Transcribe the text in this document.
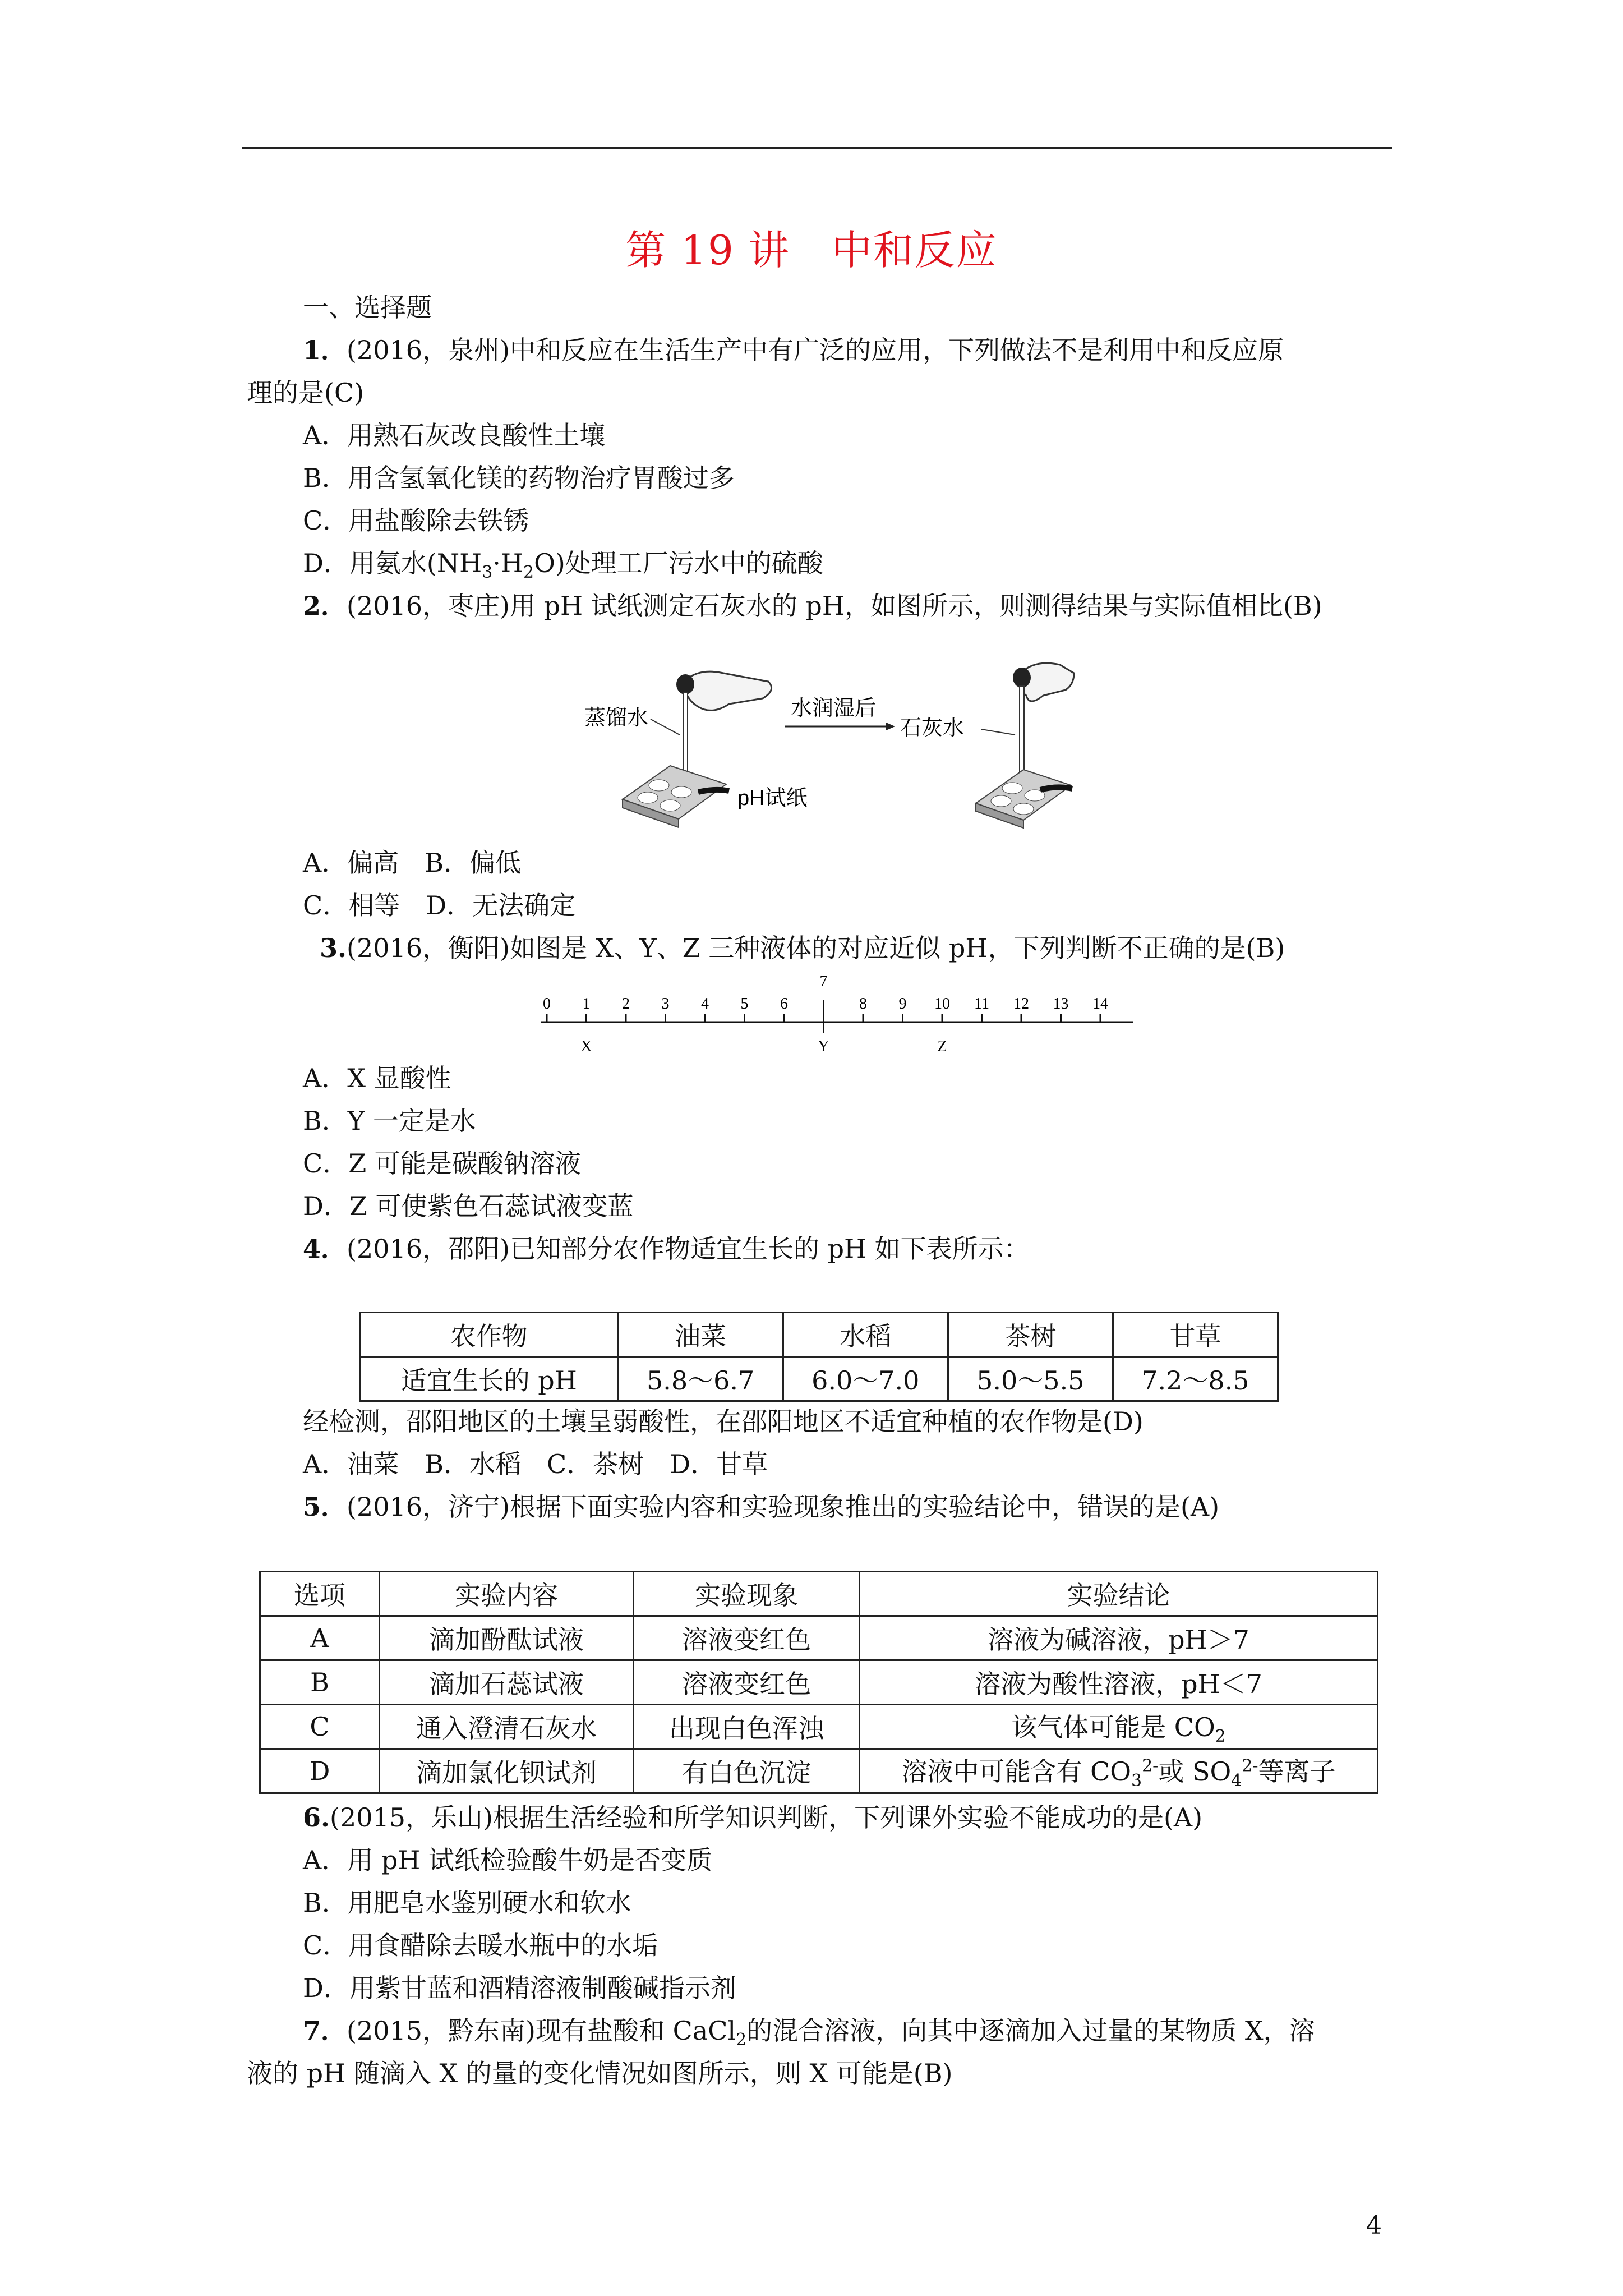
第 19 讲　中和反应
一、选择题
1．(2016，泉州)中和反应在生活生产中有广泛的应用，下列做法不是利用中和反应原
理的是(C)
A．用熟石灰改良酸性土壤
B．用含氢氧化镁的药物治疗胃酸过多
C．用盐酸除去铁锈
D．用氨水$(NH_3\cdot H_2O)$处理工厂污水中的硫酸
2．(2016，枣庄)用 pH 试纸测定石灰水的 pH，如图所示，则测得结果与实际值相比(B)
蒸馏水
pH试纸
水润湿后
石灰水
A．偏高　B．偏低
C．相等　D．无法确定
3.(2016，衡阳)如图是 X、Y、Z 三种液体的对应近似 pH，下列判断不正确的是(B)
0 1 2 3 4 5 6
7
8 9 10 11 12 13 14
X	Y	Z
A．X 显酸性
B．Y 一定是水
C．Z 可能是碳酸钠溶液
D．Z 可使紫色石蕊试液变蓝
4．(2016，邵阳)已知部分农作物适宜生长的 pH 如下表所示：
农作物	油菜	水稻	茶树	甘草
适宜生长的 pH	5.8～6.7	6.0～7.0	5.0～5.5	7.2～8.5
经检测，邵阳地区的土壤呈弱酸性，在邵阳地区不适宜种植的农作物是(D)
A．油菜　B．水稻　C．茶树　D．甘草
5．(2016，济宁)根据下面实验内容和实验现象推出的实验结论中，错误的是(A)
选项	实验内容	实验现象	实验结论
A	滴加酚酞试液	溶液变红色	溶液为碱溶液，pH＞7
B	滴加石蕊试液	溶液变红色	溶液为酸性溶液，pH＜7
C	通入澄清石灰水	出现白色浑浊	该气体可能是 $CO_2$
D	滴加氯化钡试剂	有白色沉淀	溶液中可能含有 $CO_3^{2-}$或 $SO_4^{2-}$等离子
6.(2015，乐山)根据生活经验和所学知识判断，下列课外实验不能成功的是(A)
A．用 pH 试纸检验酸牛奶是否变质
B．用肥皂水鉴别硬水和软水
C．用食醋除去暖水瓶中的水垢
D．用紫甘蓝和酒精溶液制酸碱指示剂
7．(2015，黔东南)现有盐酸和 CaCl$_2$的混合溶液，向其中逐滴加入过量的某物质 X，溶
液的 pH 随滴入 X 的量的变化情况如图所示，则 X 可能是(B)
4
